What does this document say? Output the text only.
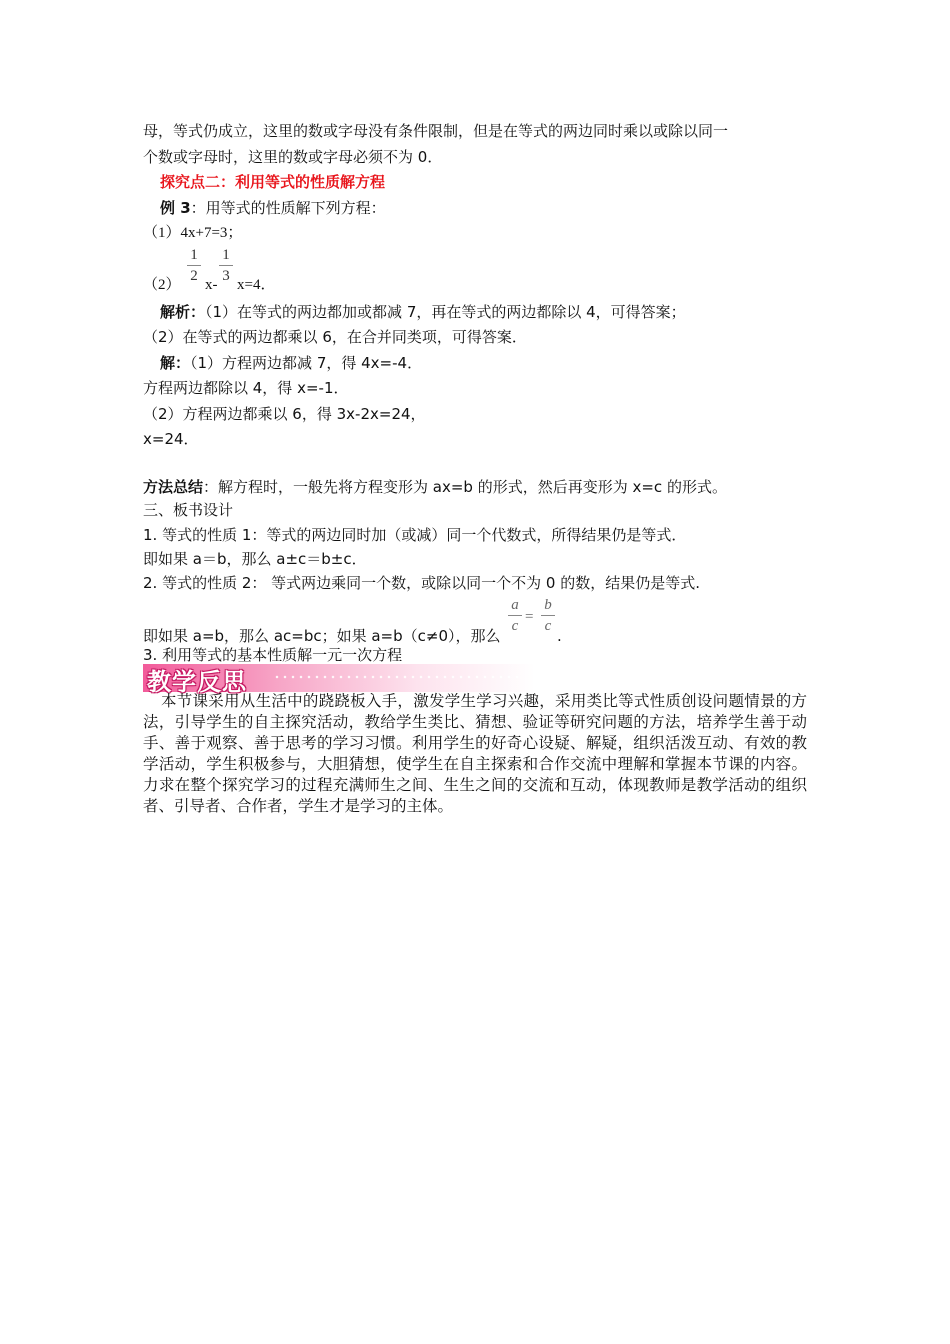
母，等式仍成立，这里的数或字母没有条件限制，但是在等式的两边同时乘以或除以同一
个数或字母时，这里的数或字母必须不为 0．
探究点二：利用等式的性质解方程
例 3：用等式的性质解下列方程：
（1）4x+7=3；
（2）
1
2
x-
1
3
x=4．
解析：（1）在等式的两边都加或都减 7，再在等式的两边都除以 4，可得答案；
（2）在等式的两边都乘以 6，在合并同类项，可得答案．
解：（1）方程两边都减 7，得 4x=-4．
方程两边都除以 4，得 x=-1．
（2）方程两边都乘以 6，得 3x-2x=24，
x=24．
方法总结：解方程时，一般先将方程变形为 ax=b 的形式，然后再变形为 x=c 的形式。
三、板书设计
1. 等式的性质 1：等式的两边同时加（或减）同一个代数式，所得结果仍是等式．
即如果 a＝b，那么 a±c＝b±c．
2. 等式的性质 2： 等式两边乘同一个数，或除以同一个不为 0 的数，结果仍是等式.
即如果 a=b，那么 ac=bc；如果 a=b（c≠0），那么
a
c
=
b
c
.
3. 利用等式的基本性质解一元一次方程
教学反思
本节课采用从生活中的跷跷板入手，激发学生学习兴趣，采用类比等式性质创设问题情景的方法，引导学生的自主探究活动，教给学生类比、猜想、验证等研究问题的方法，培养学生善于动手、善于观察、善于思考的学习习惯。利用学生的好奇心设疑、解疑，组织活泼互动、有效的教学活动，学生积极参与，大胆猜想，使学生在自主探索和合作交流中理解和掌握本节课的内容。力求在整个探究学习的过程充满师生之间、生生之间的交流和互动，体现教师是教学活动的组织者、引导者、合作者，学生才是学习的主体。
